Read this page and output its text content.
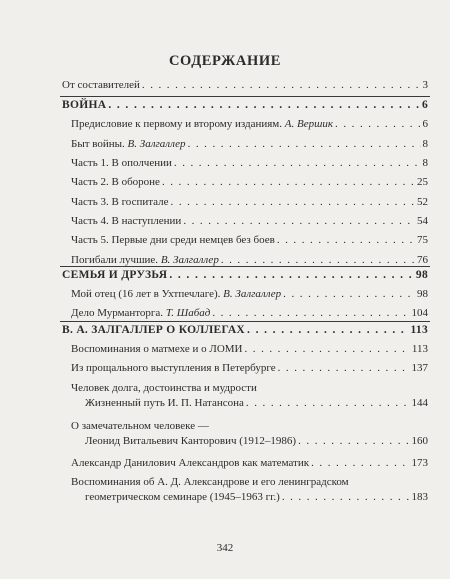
СОДЕРЖАНИЕ
От составителей . . .	3
ВОЙНА . . .	6
Предисловие к первому и второму изданиям. А. Вершик . . .	6
Быт войны. В. Залгаллер . . .	8
Часть 1. В ополчении . . .	8
Часть 2. В обороне . . .	25
Часть 3. В госпитале . . .	52
Часть 4. В наступлении . . .	54
Часть 5. Первые дни среди немцев без боев . . .	75
Погибали лучшие. В. Залгаллер . . .	76
СЕМЬЯ И ДРУЗЬЯ . . .	98
Мой отец (16 лет в Ухтпечлаге). В. Залгаллер . . .	98
Дело Мурманторга. Т. Шабад . . .	104
В. А. ЗАЛГАЛЛЕР О КОЛЛЕГАХ . . .	113
Воспоминания о матмехе и о ЛОМИ . . .	113
Из прощального выступления в Петербурге . . .	137
Человек долга, достоинства и мудрости
Жизненный путь И. П. Натансона . . .	144
О замечательном человеке —
Леонид Витальевич Канторович (1912–1986) . . .	160
Александр Данилович Александров как математик . . .	173
Воспоминания об А. Д. Александрове и его ленинградском
геометрическом семинаре (1945–1963 гг.) . . .	183
342
